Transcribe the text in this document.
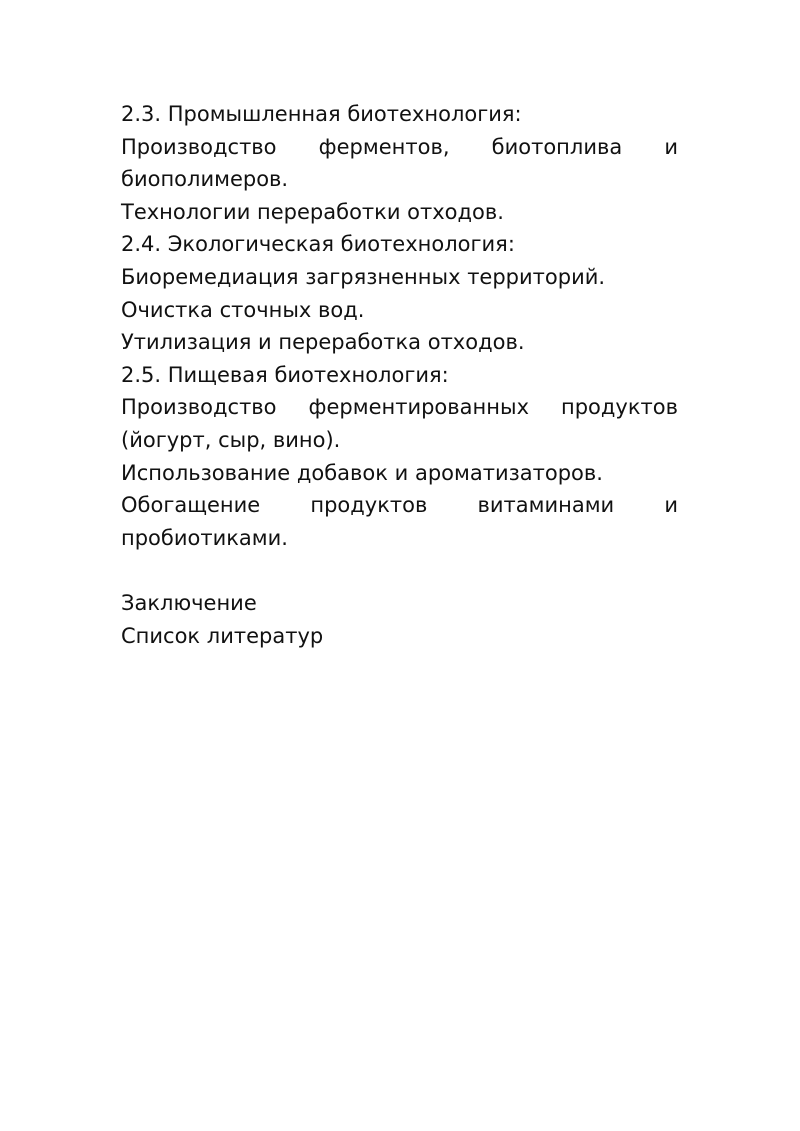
2.3. Промышленная биотехнология:
Производство ферментов, биотоплива и
биополимеров.
Технологии переработки отходов.
2.4. Экологическая биотехнология:
Биоремедиация загрязненных территорий.
Очистка сточных вод.
Утилизация и переработка отходов.
2.5. Пищевая биотехнология:
Производство ферментированных продуктов
(йогурт, сыр, вино).
Использование добавок и ароматизаторов.
Обогащение продуктов витаминами и
пробиотиками.
Заключение
Список литератур
